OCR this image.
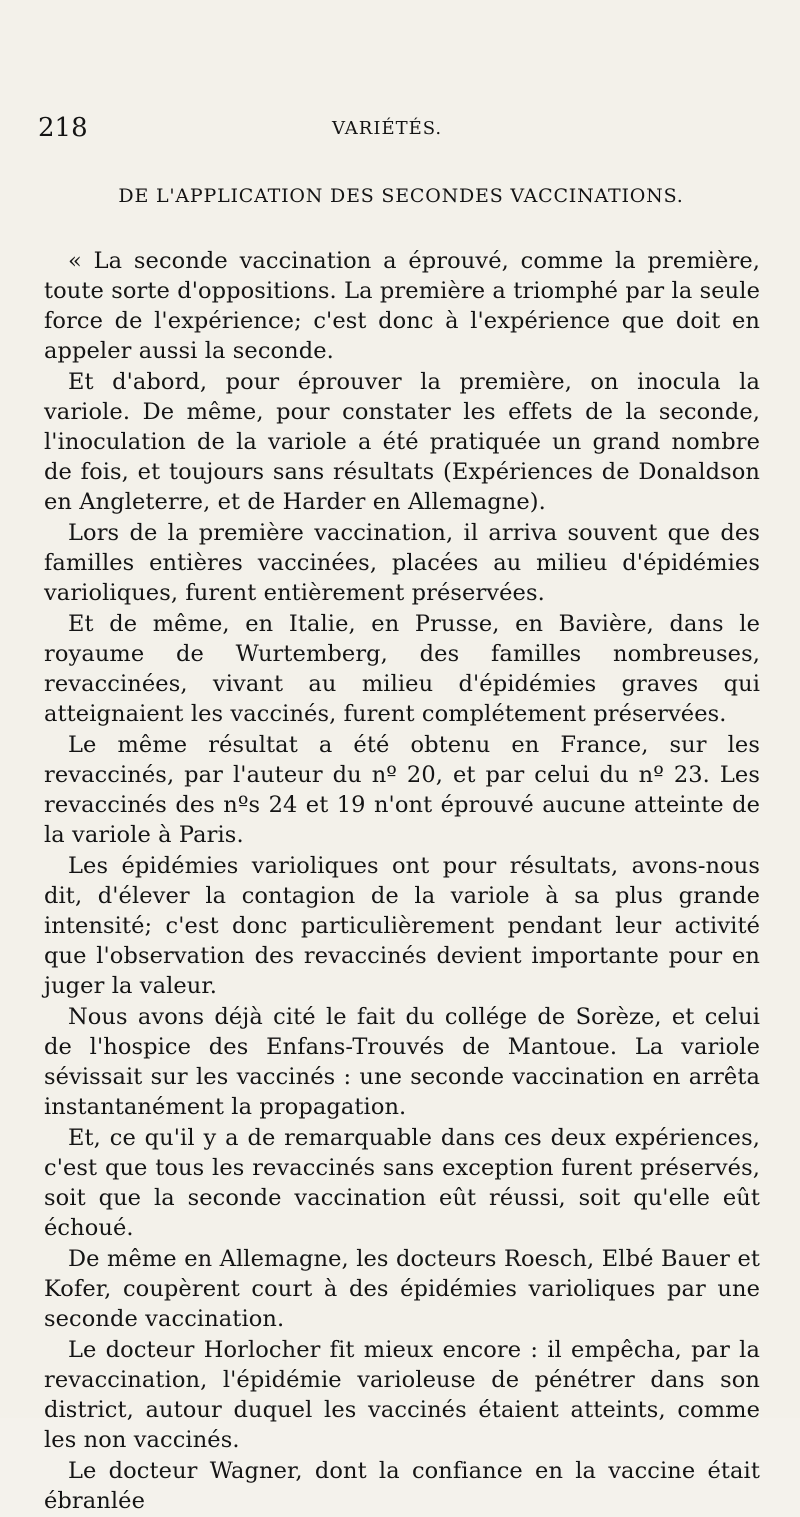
218	VARIÉTÉS.
DE L'APPLICATION DES SECONDES VACCINATIONS.

« La seconde vaccination a éprouvé, comme la première, toute sorte d'oppositions. La première a triomphé par la seule force de l'expérience; c'est donc à l'expérience que doit en appeler aussi la seconde.

Et d'abord, pour éprouver la première, on inocula la variole. De même, pour constater les effets de la seconde, l'inoculation de la variole a été pratiquée un grand nombre de fois, et toujours sans résultats (Expériences de Donaldson en Angleterre, et de Harder en Allemagne).

Lors de la première vaccination, il arriva souvent que des familles entières vaccinées, placées au milieu d'épidémies varioliques, furent entièrement préservées.

Et de même, en Italie, en Prusse, en Bavière, dans le royaume de Wurtemberg, des familles nombreuses, revaccinées, vivant au milieu d'épidémies graves qui atteignaient les vaccinés, furent complétement préservées.

Le même résultat a été obtenu en France, sur les revaccinés, par l'auteur du nº 20, et par celui du nº 23. Les revaccinés des nºs 24 et 19 n'ont éprouvé aucune atteinte de la variole à Paris.

Les épidémies varioliques ont pour résultats, avons-nous dit, d'élever la contagion de la variole à sa plus grande intensité; c'est donc particulièrement pendant leur activité que l'observation des revaccinés devient importante pour en juger la valeur.

Nous avons déjà cité le fait du collége de Sorèze, et celui de l'hospice des Enfans-Trouvés de Mantoue. La variole sévissait sur les vaccinés : une seconde vaccination en arrêta instantanément la propagation.

Et, ce qu'il y a de remarquable dans ces deux expériences, c'est que tous les revaccinés sans exception furent préservés, soit que la seconde vaccination eût réussi, soit qu'elle eût échoué.

De même en Allemagne, les docteurs Roesch, Elbé Bauer et Kofer, coupèrent court à des épidémies varioliques par une seconde vaccination.

Le docteur Horlocher fit mieux encore : il empêcha, par la revaccination, l'épidémie varioleuse de pénétrer dans son district, autour duquel les vaccinés étaient atteints, comme les non vaccinés.

Le docteur Wagner, dont la confiance en la vaccine était ébranlée
